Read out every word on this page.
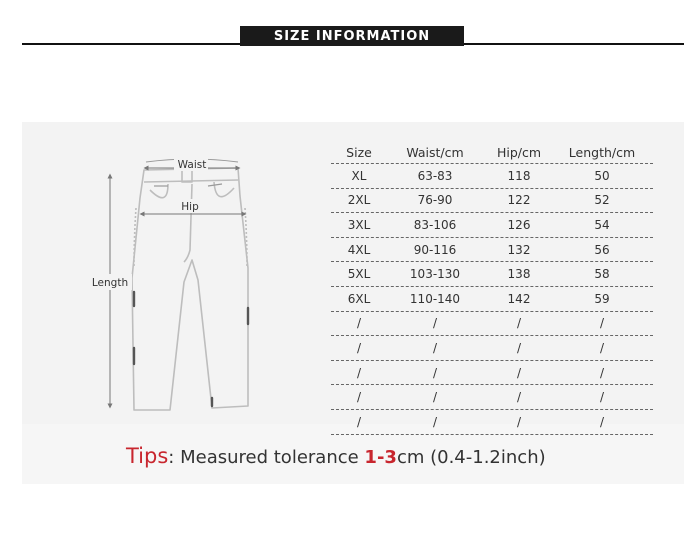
SIZE INFORMATION
Waist
Hip
Length
Size	Waist/cm	Hip/cm	Length/cm
XL	63-83	118	50
2XL	76-90	122	52
3XL	83-106	126	54
4XL	90-116	132	56
5XL	103-130	138	58
6XL	110-140	142	59
/	/	/	/
/	/	/	/
/	/	/	/
/	/	/	/
/	/	/	/
Tips: Measured tolerance 1-3cm (0.4-1.2inch)
